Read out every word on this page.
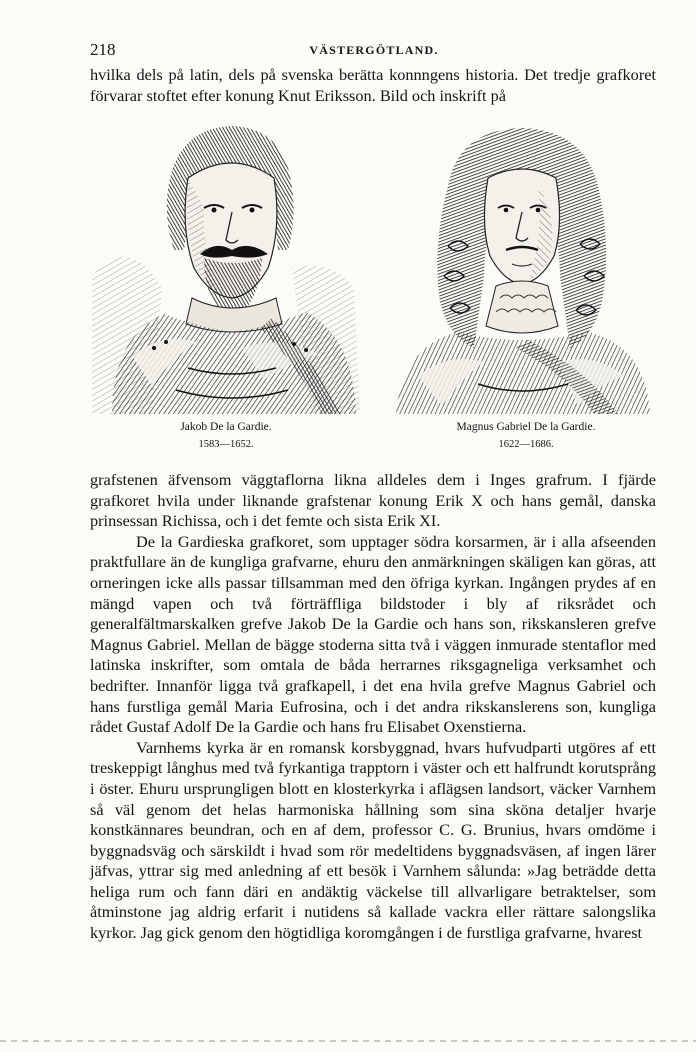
218	VÄSTERGÖTLAND.

hvilka dels på latin, dels på svenska berätta konnngens historia. Det tredje grafkoret förvarar stoftet efter konung Knut Eriksson. Bild och inskrift på

Jakob De la Gardie.
1583—1652.
Magnus Gabriel De la Gardie.
1622—1686.
grafstenen äfvensom väggtaflorna likna alldeles dem i Inges grafrum. I fjärde grafkoret hvila under liknande grafstenar konung Erik X och hans gemål, danska prinsessan Richissa, och i det femte och sista Erik XI.
De la Gardieska grafkoret, som upptager södra korsarmen, är i alla afseenden praktfullare än de kungliga grafvarne, ehuru den anmärkningen skäligen kan göras, att orneringen icke alls passar tillsamman med den öfriga kyrkan. Ingången prydes af en mängd vapen och två förträffliga bildstoder i bly af riksrådet och generalfältmarskalken grefve Jakob De la Gardie och hans son, rikskansleren grefve Magnus Gabriel. Mellan de bägge stoderna sitta två i väggen inmurade stentaflor med latinska inskrifter, som omtala de båda herrarnes riksgagneliga verksamhet och bedrifter. Innanför ligga två grafkapell, i det ena hvila grefve Magnus Gabriel och hans furstliga gemål Maria Eufrosina, och i det andra rikskanslerens son, kungliga rådet Gustaf Adolf De la Gardie och hans fru Elisabet Oxenstierna.
Varnhems kyrka är en romansk korsbyggnad, hvars hufvudparti utgöres af ett treskeppigt långhus med två fyrkantiga trapptorn i väster och ett halfrundt korutsprång i öster. Ehuru ursprungligen blott en klosterkyrka i aflägsen landsort, väcker Varnhem så väl genom det helas harmoniska hållning som sina sköna detaljer hvarje konstkännares beundran, och en af dem, professor C. G. Brunius, hvars omdöme i byggnadsväg och särskildt i hvad som rör medeltidens byggnadsväsen, af ingen lärer jäfvas, yttrar sig med anledning af ett besök i Varnhem sålunda: »Jag beträdde detta heliga rum och fann däri en andäktig väckelse till allvarligare betraktelser, som åtminstone jag aldrig erfarit i nutidens så kallade vackra eller rättare salongslika kyrkor. Jag gick genom den högtidliga koromgången i de furstliga grafvarne, hvarest
